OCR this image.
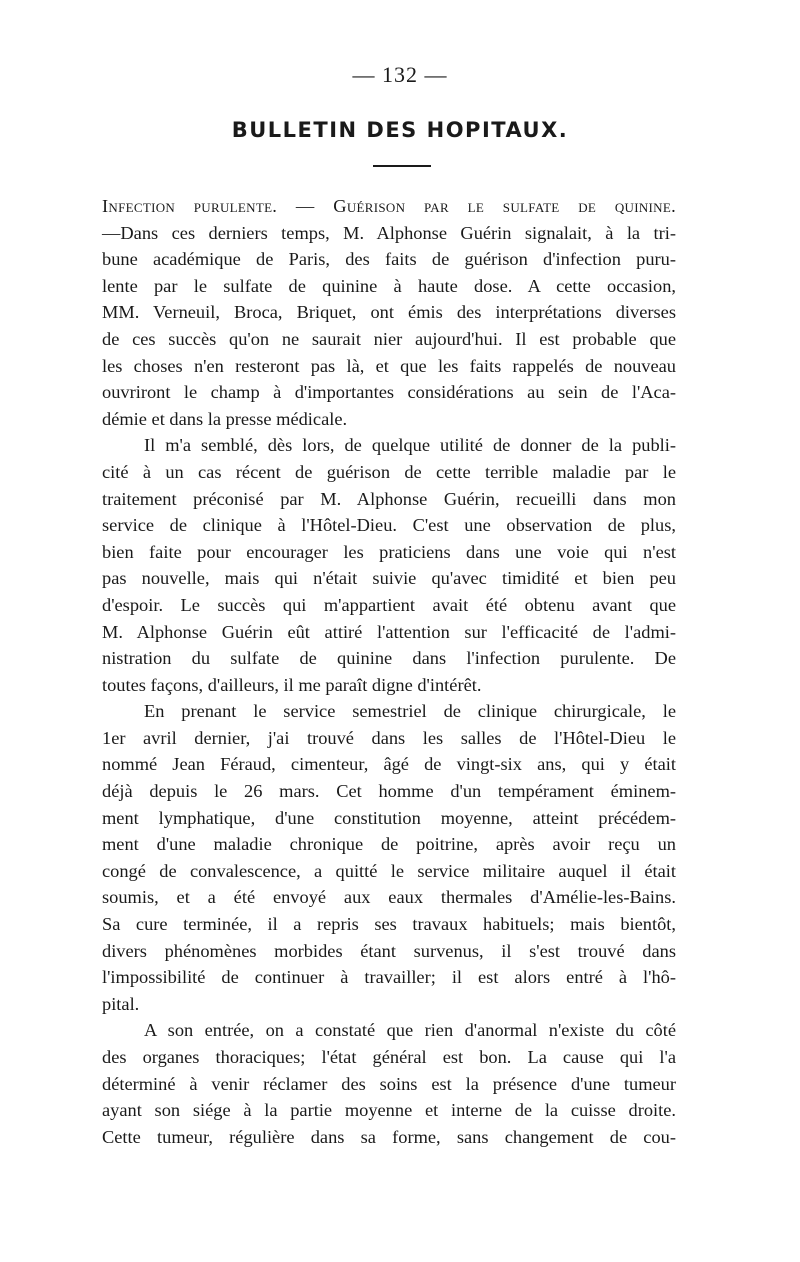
— 132 —
BULLETIN DES HOPITAUX.
Infection purulente. — Guérison par le sulfate de quinine.
—Dans ces derniers temps, M. Alphonse Guérin signalait, à la tri-
bune académique de Paris, des faits de guérison d'infection puru-
lente par le sulfate de quinine à haute dose. A cette occasion,
MM. Verneuil, Broca, Briquet, ont émis des interprétations diverses
de ces succès qu'on ne saurait nier aujourd'hui. Il est probable que
les choses n'en resteront pas là, et que les faits rappelés de nouveau
ouvriront le champ à d'importantes considérations au sein de l'Aca-
démie et dans la presse médicale.
Il m'a semblé, dès lors, de quelque utilité de donner de la publi-
cité à un cas récent de guérison de cette terrible maladie par le
traitement préconisé par M. Alphonse Guérin, recueilli dans mon
service de clinique à l'Hôtel-Dieu. C'est une observation de plus,
bien faite pour encourager les praticiens dans une voie qui n'est
pas nouvelle, mais qui n'était suivie qu'avec timidité et bien peu
d'espoir. Le succès qui m'appartient avait été obtenu avant que
M. Alphonse Guérin eût attiré l'attention sur l'efficacité de l'admi-
nistration du sulfate de quinine dans l'infection purulente. De
toutes façons, d'ailleurs, il me paraît digne d'intérêt.
En prenant le service semestriel de clinique chirurgicale, le
1er avril dernier, j'ai trouvé dans les salles de l'Hôtel-Dieu le
nommé Jean Féraud, cimenteur, âgé de vingt-six ans, qui y était
déjà depuis le 26 mars. Cet homme d'un tempérament éminem-
ment lymphatique, d'une constitution moyenne, atteint précédem-
ment d'une maladie chronique de poitrine, après avoir reçu un
congé de convalescence, a quitté le service militaire auquel il était
soumis, et a été envoyé aux eaux thermales d'Amélie-les-Bains.
Sa cure terminée, il a repris ses travaux habituels; mais bientôt,
divers phénomènes morbides étant survenus, il s'est trouvé dans
l'impossibilité de continuer à travailler; il est alors entré à l'hô-
pital.
A son entrée, on a constaté que rien d'anormal n'existe du côté
des organes thoraciques; l'état général est bon. La cause qui l'a
déterminé à venir réclamer des soins est la présence d'une tumeur
ayant son siége à la partie moyenne et interne de la cuisse droite.
Cette tumeur, régulière dans sa forme, sans changement de cou-
